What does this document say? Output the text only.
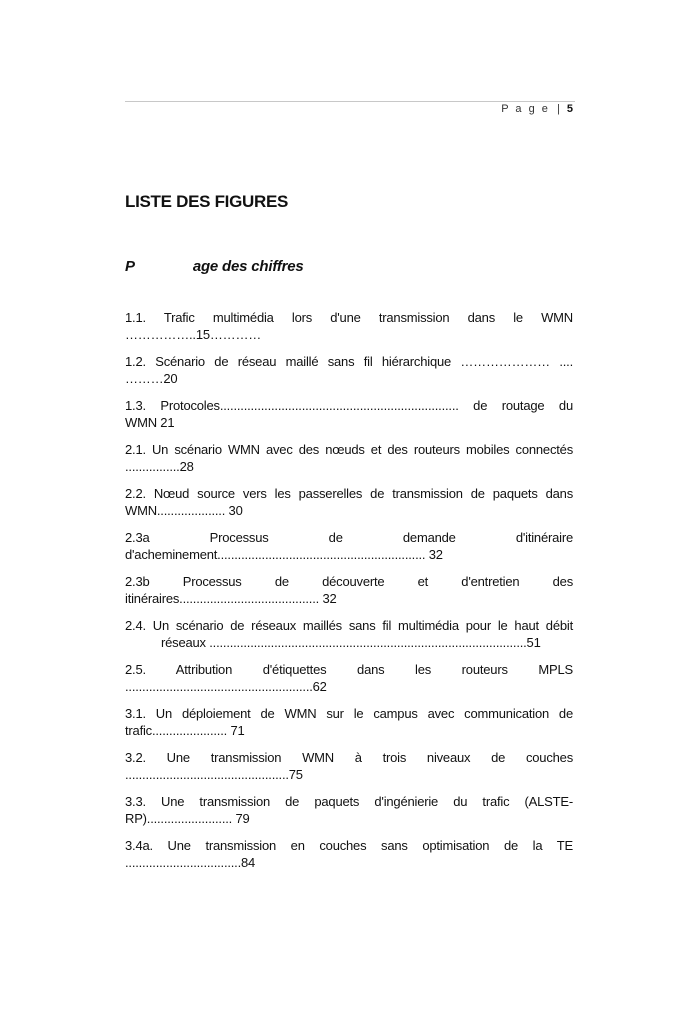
P a g e | 5
LISTE DES FIGURES
P	age des chiffres
1.1. Trafic multimédia lors d'une transmission dans le WMN
……………..15…………
1.2. Scénario de réseau maillé sans fil hiérarchique ………………… ....
………20
1.3. Protocoles...................................................................... de routage du
WMN 21
2.1. Un scénario WMN avec des nœuds et des routeurs mobiles connectés
................28
2.2. Nœud source vers les passerelles de transmission de paquets dans
WMN.................... 30
2.3a Processus de demande d'itinéraire
d'acheminement............................................................. 32
2.3b Processus de découverte et d'entretien des
itinéraires......................................... 32
2.4. Un scénario de réseaux maillés sans fil multimédia pour le haut débit
réseaux .............................................................................................51
2.5. Attribution d'étiquettes dans les routeurs MPLS
.......................................................62
3.1. Un déploiement de WMN sur le campus avec communication de
trafic...................... 71
3.2. Une transmission WMN à trois niveaux de couches
................................................75
3.3. Une transmission de paquets d'ingénierie du trafic (ALSTE-
RP)......................... 79
3.4a. Une transmission en couches sans optimisation de la TE
..................................84
